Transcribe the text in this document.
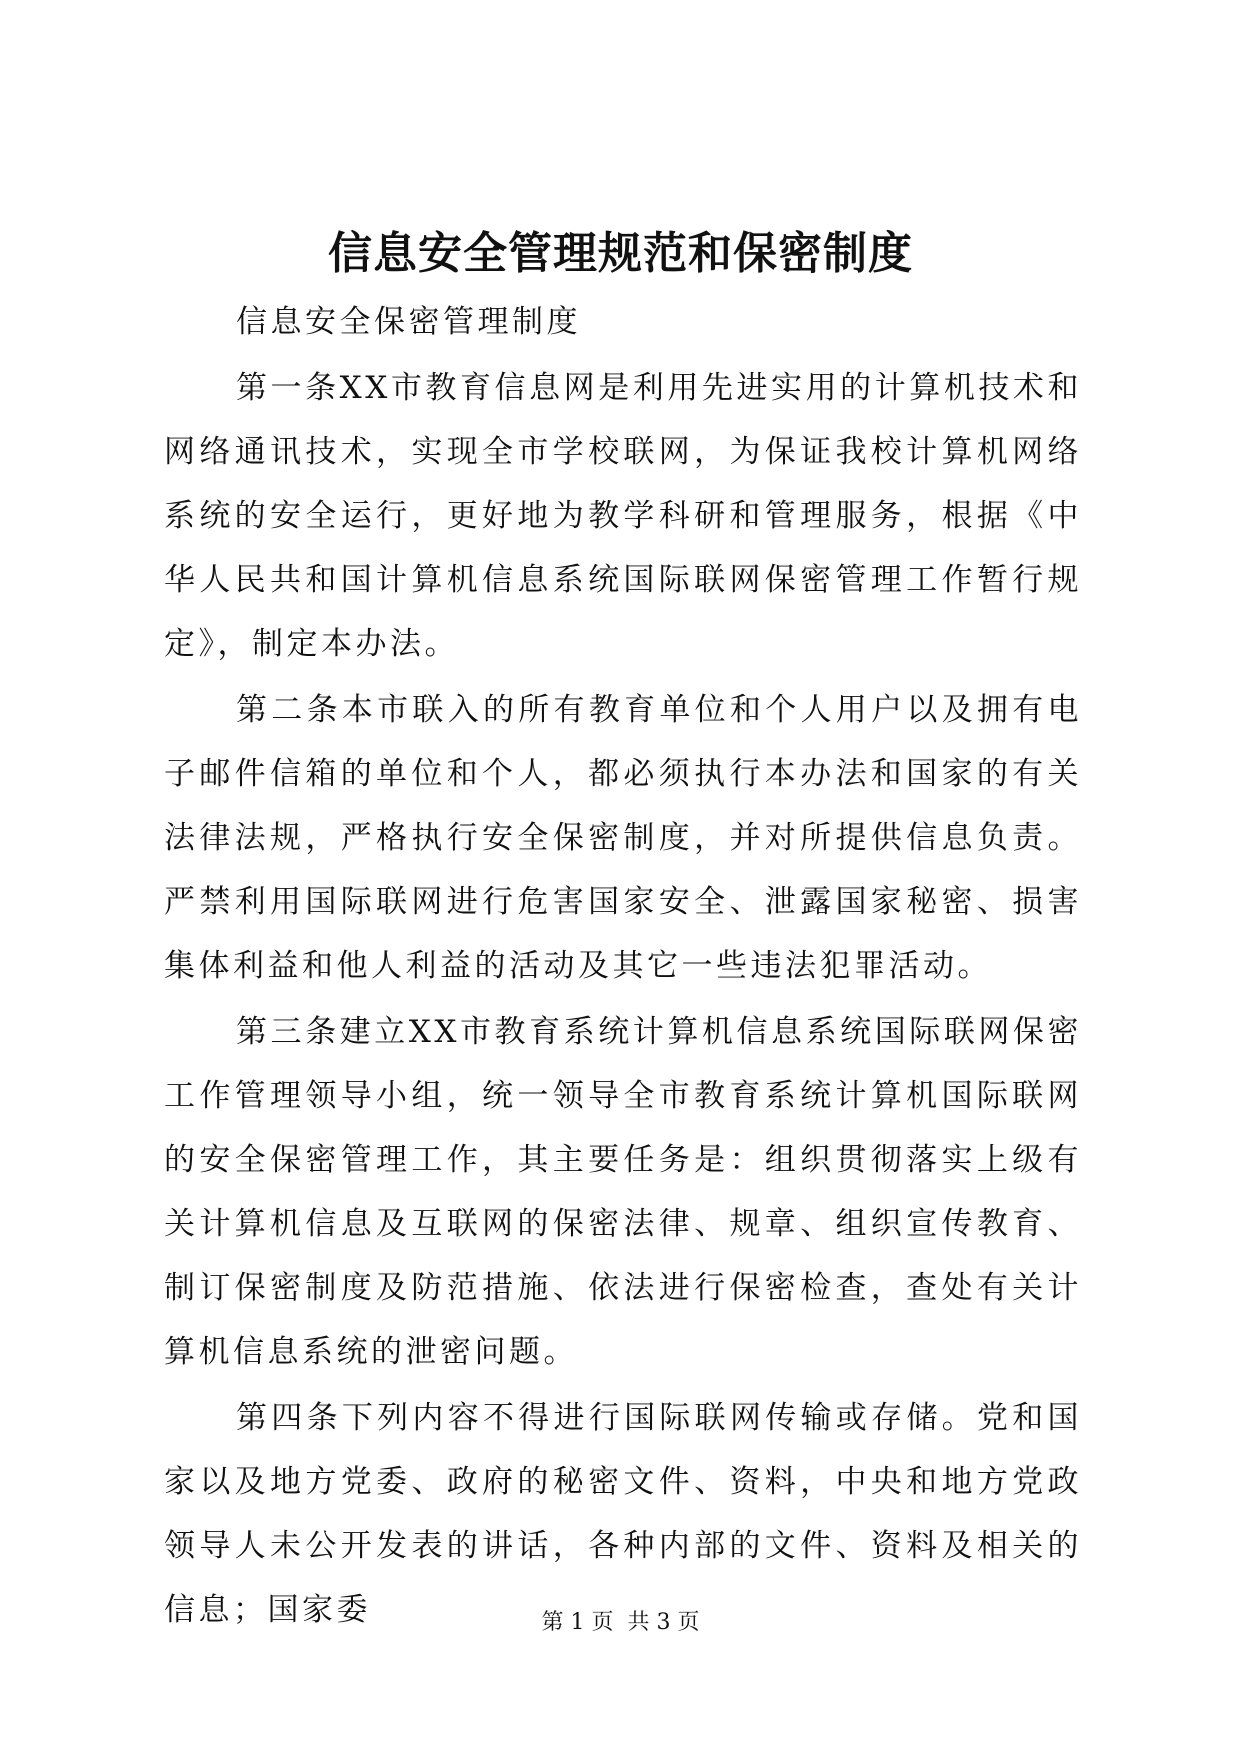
信息安全管理规范和保密制度

信息安全保密管理制度

第一条XX市教育信息网是利用先进实用的计算机技术和网络通讯技术，实现全市学校联网，为保证我校计算机网络系统的安全运行，更好地为教学科研和管理服务，根据《中华人民共和国计算机信息系统国际联网保密管理工作暂行规定》，制定本办法。

第二条本市联入的所有教育单位和个人用户以及拥有电子邮件信箱的单位和个人，都必须执行本办法和国家的有关法律法规，严格执行安全保密制度，并对所提供信息负责。严禁利用国际联网进行危害国家安全、泄露国家秘密、损害集体利益和他人利益的活动及其它一些违法犯罪活动。

第三条建立XX市教育系统计算机信息系统国际联网保密工作管理领导小组，统一领导全市教育系统计算机国际联网的安全保密管理工作，其主要任务是：组织贯彻落实上级有关计算机信息及互联网的保密法律、规章、组织宣传教育、制订保密制度及防范措施、依法进行保密检查，查处有关计算机信息系统的泄密问题。

第四条下列内容不得进行国际联网传输或存储。党和国家以及地方党委、政府的秘密文件、资料，中央和地方党政领导人未公开发表的讲话，各种内部的文件、资料及相关的信息；国家委	第 1 页  共 3 页
